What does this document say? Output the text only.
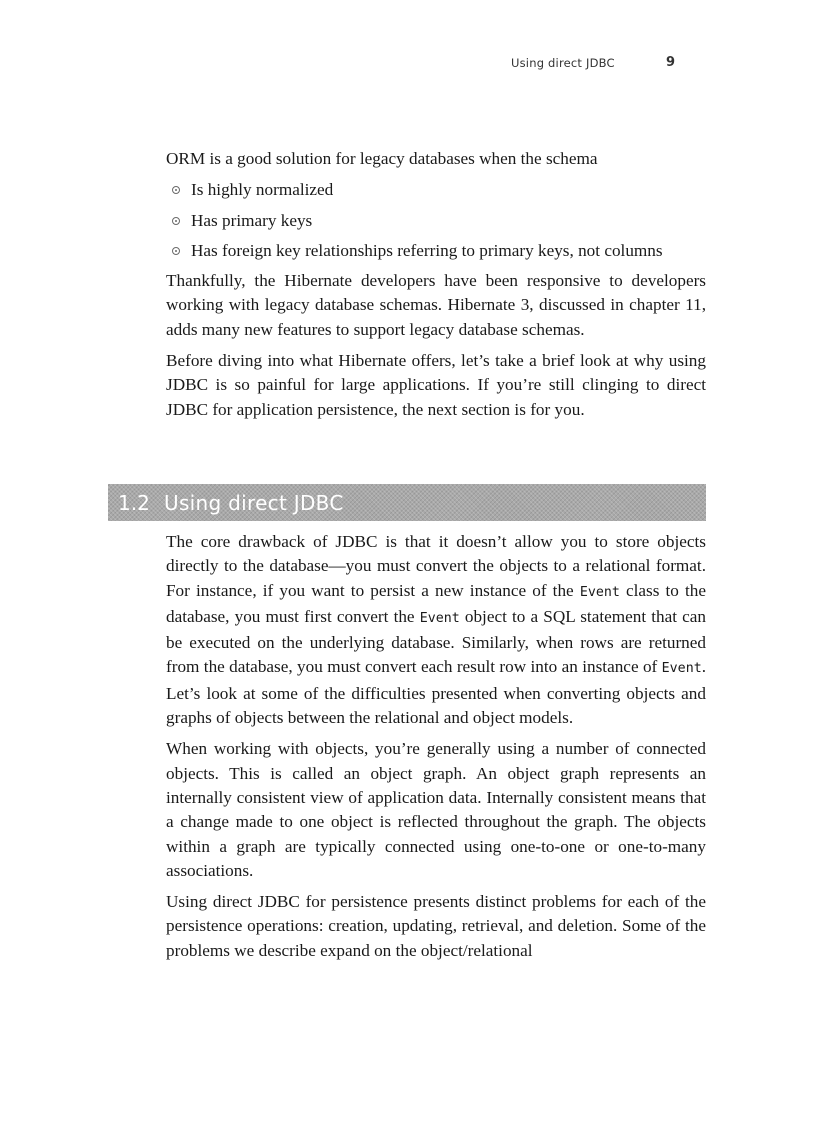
Using direct JDBC	9

ORM is a good solution for legacy databases when the schema

Is highly normalized
Has primary keys
Has foreign key relationships referring to primary keys, not columns

Thankfully, the Hibernate developers have been responsive to developers working with legacy database schemas. Hibernate 3, discussed in chapter 11, adds many new features to support legacy database schemas.

Before diving into what Hibernate offers, let’s take a brief look at why using JDBC is so painful for large applications. If you’re still clinging to direct JDBC for application persistence, the next section is for you.

1.2 Using direct JDBC

The core drawback of JDBC is that it doesn’t allow you to store objects directly to the database—you must convert the objects to a relational format. For instance, if you want to persist a new instance of the Event class to the database, you must first convert the Event object to a SQL statement that can be executed on the underlying database. Similarly, when rows are returned from the database, you must convert each result row into an instance of Event. Let’s look at some of the difficulties presented when converting objects and graphs of objects between the relational and object models.

When working with objects, you’re generally using a number of connected objects. This is called an object graph. An object graph represents an internally consistent view of application data. Internally consistent means that a change made to one object is reflected throughout the graph. The objects within a graph are typically connected using one-to-one or one-to-many associations.

Using direct JDBC for persistence presents distinct problems for each of the persistence operations: creation, updating, retrieval, and deletion. Some of the problems we describe expand on the object/relational
